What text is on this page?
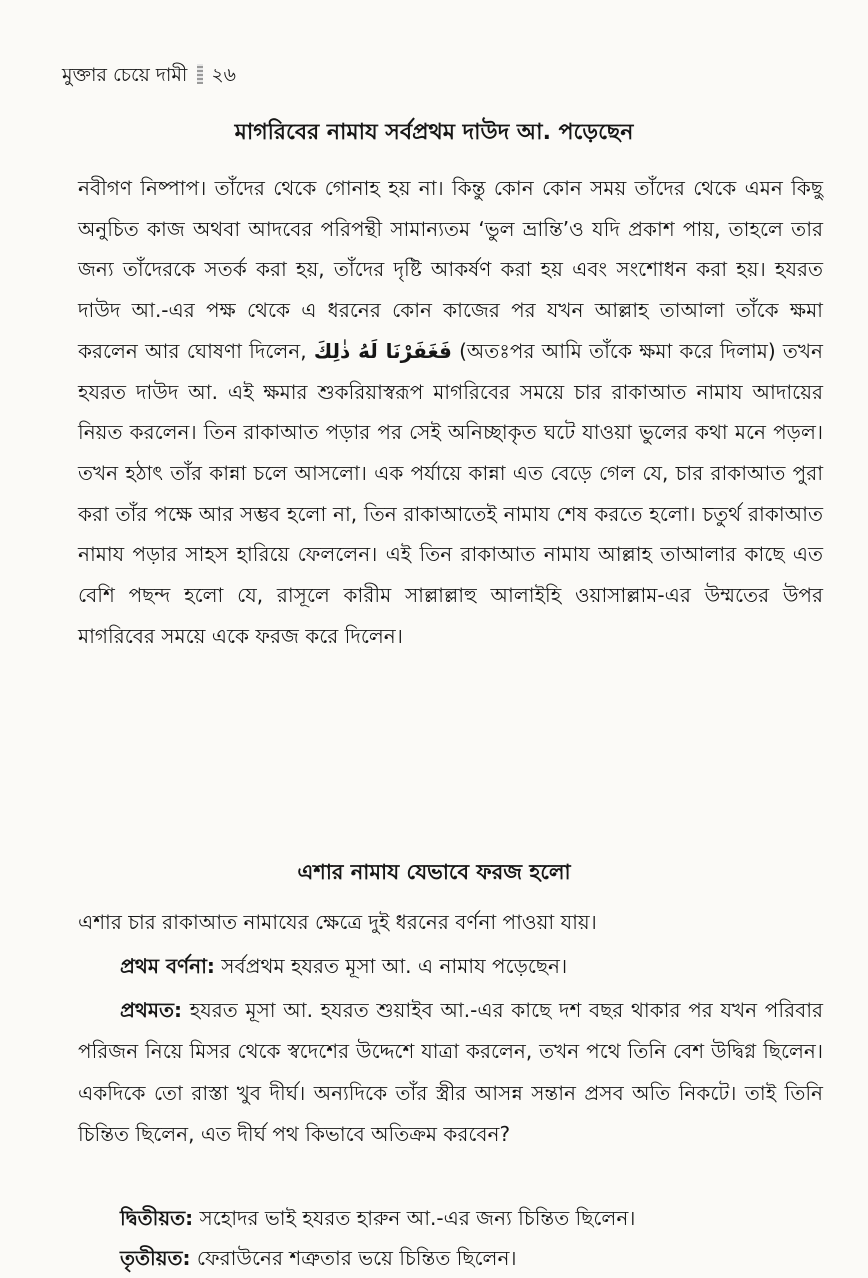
মুক্তার চেয়ে দামী ২৬
মাগরিবের নামায সর্বপ্রথম দাউদ আ. পড়েছেন
নবীগণ নিষ্পাপ। তাঁদের থেকে গোনাহ হয় না। কিন্তু কোন কোন সময় তাঁদের থেকে এমন কিছু অনুচিত কাজ অথবা আদবের পরিপন্থী সামান্যতম ‘ভুল ভ্রান্তি’ও যদি প্রকাশ পায়, তাহলে তার জন্য তাঁদেরকে সতর্ক করা হয়, তাঁদের দৃষ্টি আকর্ষণ করা হয় এবং সংশোধন করা হয়। হযরত দাউদ আ.-এর পক্ষ থেকে এ ধরনের কোন কাজের পর যখন আল্লাহ তাআলা তাঁকে ক্ষমা করলেন আর ঘোষণা দিলেন, فَغَفَرْنَا لَهُ ذٰلِكَ (অতঃপর আমি তাঁকে ক্ষমা করে দিলাম) তখন হযরত দাউদ আ. এই ক্ষমার শুকরিয়াস্বরূপ মাগরিবের সময়ে চার রাকাআত নামায আদায়ের নিয়ত করলেন। তিন রাকাআত পড়ার পর সেই অনিচ্ছাকৃত ঘটে যাওয়া ভুলের কথা মনে পড়ল। তখন হঠাৎ তাঁর কান্না চলে আসলো। এক পর্যায়ে কান্না এত বেড়ে গেল যে, চার রাকাআত পুরা করা তাঁর পক্ষে আর সম্ভব হলো না, তিন রাকাআতেই নামায শেষ করতে হলো। চতুর্থ রাকাআত নামায পড়ার সাহস হারিয়ে ফেললেন। এই তিন রাকাআত নামায আল্লাহ তাআলার কাছে এত বেশি পছন্দ হলো যে, রাসূলে কারীম সাল্লাল্লাহু আলাইহি ওয়াসাল্লাম-এর উম্মতের উপর মাগরিবের সময়ে একে ফরজ করে দিলেন।
এশার নামায যেভাবে ফরজ হলো
এশার চার রাকাআত নামাযের ক্ষেত্রে দুই ধরনের বর্ণনা পাওয়া যায়।
প্রথম বর্ণনা: সর্বপ্রথম হযরত মূসা আ. এ নামায পড়েছেন।
প্রথমত: হযরত মূসা আ. হযরত শুয়াইব আ.-এর কাছে দশ বছর থাকার পর যখন পরিবার পরিজন নিয়ে মিসর থেকে স্বদেশের উদ্দেশে যাত্রা করলেন, তখন পথে তিনি বেশ উদ্বিগ্ন ছিলেন। একদিকে তো রাস্তা খুব দীর্ঘ। অন্যদিকে তাঁর স্ত্রীর আসন্ন সন্তান প্রসব অতি নিকটে। তাই তিনি চিন্তিত ছিলেন, এত দীর্ঘ পথ কিভাবে অতিক্রম করবেন?
দ্বিতীয়ত: সহোদর ভাই হযরত হারুন আ.-এর জন্য চিন্তিত ছিলেন।
তৃতীয়ত: ফেরাউনের শত্রুতার ভয়ে চিন্তিত ছিলেন।
